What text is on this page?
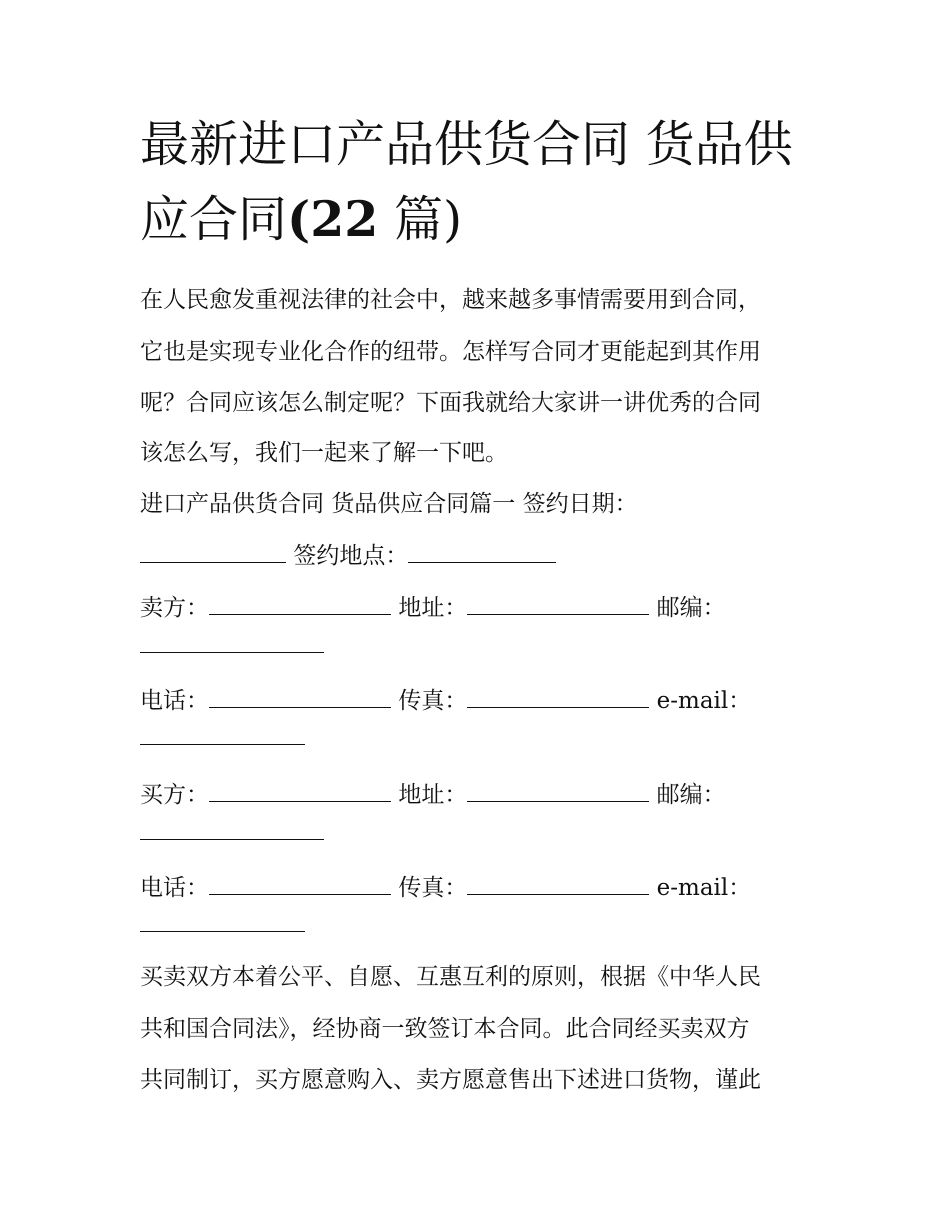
最新进口产品供货合同 货品供
应合同(22 篇)

在人民愈发重视法律的社会中，越来越多事情需要用到合同，

它也是实现专业化合作的纽带。怎样写合同才更能起到其作用

呢？合同应该怎么制定呢？下面我就给大家讲一讲优秀的合同

该怎么写，我们一起来了解一下吧。

进口产品供货合同 货品供应合同篇一 签约日期：

签约地点：

卖方：	地址：	邮编：

电话：	传真：	e-mail：

买方：	地址：	邮编：

电话：	传真：	e-mail：

买卖双方本着公平、自愿、互惠互利的原则，根据《中华人民

共和国合同法》，经协商一致签订本合同。此合同经买卖双方

共同制订，买方愿意购入、卖方愿意售出下述进口货物，谨此
